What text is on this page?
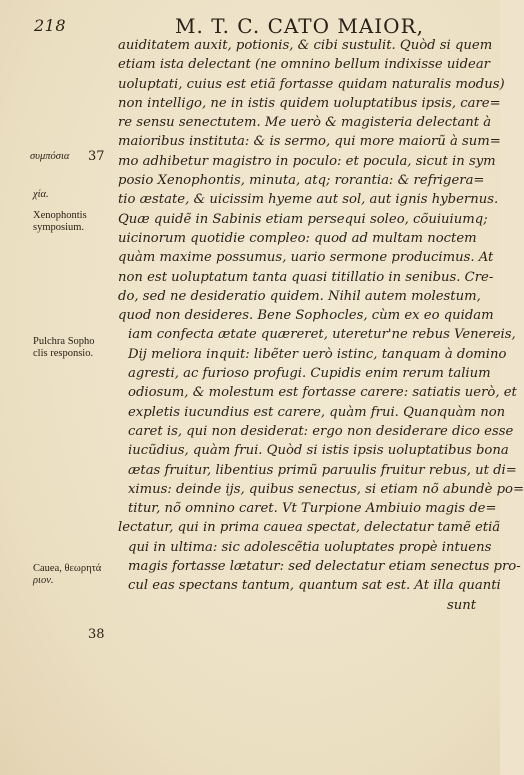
218	M. T. C. CATO MAIOR,
37
συμπόσια
χία.
Xenophontis
symposium.
Pulchra Sopho
clis responsio.
Cauea, θεωρητά
ριον.
38
auiditatem auxit, potionis, & cibi sustulit. Quòd si quem
etiam ista delectant (ne omnino bellum indixisse uidear
uoluptati, cuius est etiã fortasse quidam naturalis modus)
non intelligo, ne in istis quidem uoluptatibus ipsis, care=
re sensu senectutem. Me uerò & magisteria delectant à
maioribus instituta: & is sermo, qui more maiorũ à sum=
mo adhibetur magistro in poculo: et pocula, sicut in sym
posio Xenophontis, minuta, atq; rorantia: & refrigera=
tio æstate, & uicissim hyeme aut sol, aut ignis hybernus.
Quæ quidẽ in Sabinis etiam persequi soleo, cõuiuiumq;
uicinorum quotidie compleo: quod ad multam noctem
quàm maxime possumus, uario sermone producimus. At
non est uoluptatum tanta quasi titillatio in senibus. Cre-
do, sed ne desideratio quidem. Nihil autem molestum,
quod non desideres. Bene Sophocles, cùm ex eo quidam
iam confecta ætate quæreret, uteretur'ne rebus Venereis,
Dij meliora inquit: libẽter uerò istinc, tanquam à domino
agresti, ac furioso profugi. Cupidis enim rerum talium
odiosum, & molestum est fortasse carere: satiatis uerò, et
expletis iucundius est carere, quàm frui. Quanquàm non
caret is, qui non desiderat: ergo non desiderare dico esse
iucũdius, quàm frui. Quòd si istis ipsis uoluptatibus bona
ætas fruitur, libentius primũ paruulis fruitur rebus, ut di=
ximus: deinde ijs, quibus senectus, si etiam nõ abundè po=
titur, nõ omnino caret. Vt Turpione Ambiuio magis de=
lectatur, qui in prima cauea spectat, delectatur tamẽ etiã
qui in ultima: sic adolescẽtia uoluptates propè intuens
magis fortasse lætatur: sed delectatur etiam senectus pro-
cul eas spectans tantum, quantum sat est. At illa quanti
sunt
